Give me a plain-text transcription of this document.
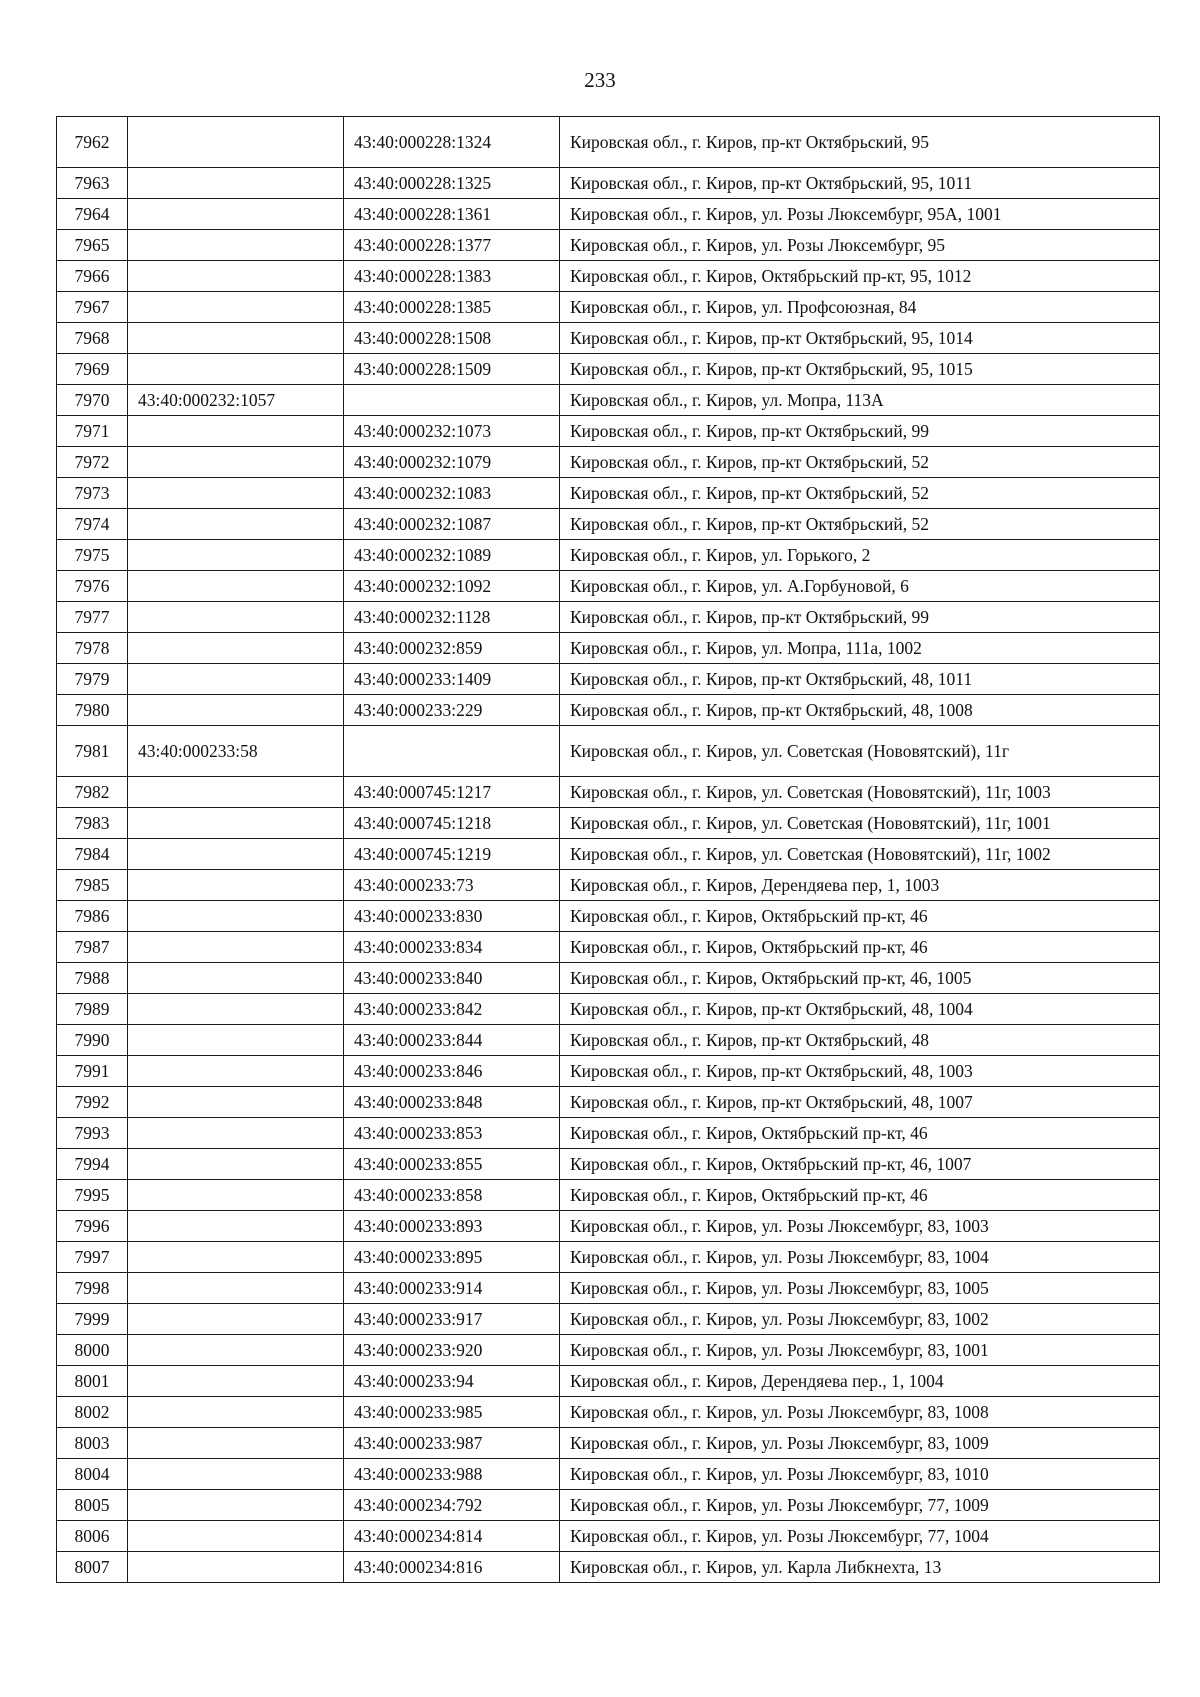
233
7962		43:40:000228:1324	Кировская обл., г. Киров, пр-кт Октябрьский, 95
7963		43:40:000228:1325	Кировская обл., г. Киров, пр-кт Октябрьский, 95, 1011
7964		43:40:000228:1361	Кировская обл., г. Киров, ул. Розы Люксембург, 95А, 1001
7965		43:40:000228:1377	Кировская обл., г. Киров, ул. Розы Люксембург, 95
7966		43:40:000228:1383	Кировская обл., г. Киров, Октябрьский пр-кт, 95, 1012
7967		43:40:000228:1385	Кировская обл., г. Киров, ул. Профсоюзная, 84
7968		43:40:000228:1508	Кировская обл., г. Киров, пр-кт Октябрьский, 95, 1014
7969		43:40:000228:1509	Кировская обл., г. Киров, пр-кт Октябрьский, 95, 1015
7970	43:40:000232:1057		Кировская обл., г. Киров, ул. Мопра, 113А
7971		43:40:000232:1073	Кировская обл., г. Киров, пр-кт Октябрьский, 99
7972		43:40:000232:1079	Кировская обл., г. Киров, пр-кт Октябрьский, 52
7973		43:40:000232:1083	Кировская обл., г. Киров, пр-кт Октябрьский, 52
7974		43:40:000232:1087	Кировская обл., г. Киров, пр-кт Октябрьский, 52
7975		43:40:000232:1089	Кировская обл., г. Киров, ул. Горького, 2
7976		43:40:000232:1092	Кировская обл., г. Киров, ул. А.Горбуновой, 6
7977		43:40:000232:1128	Кировская обл., г. Киров, пр-кт Октябрьский, 99
7978		43:40:000232:859	Кировская обл., г. Киров, ул. Мопра, 111а, 1002
7979		43:40:000233:1409	Кировская обл., г. Киров, пр-кт Октябрьский, 48, 1011
7980		43:40:000233:229	Кировская обл., г. Киров, пр-кт Октябрьский, 48, 1008
7981	43:40:000233:58		Кировская обл., г. Киров, ул. Советская (Нововятский), 11г
7982		43:40:000745:1217	Кировская обл., г. Киров, ул. Советская (Нововятский), 11г, 1003
7983		43:40:000745:1218	Кировская обл., г. Киров, ул. Советская (Нововятский), 11г, 1001
7984		43:40:000745:1219	Кировская обл., г. Киров, ул. Советская (Нововятский), 11г, 1002
7985		43:40:000233:73	Кировская обл., г. Киров, Дерендяева пер, 1, 1003
7986		43:40:000233:830	Кировская обл., г. Киров, Октябрьский пр-кт, 46
7987		43:40:000233:834	Кировская обл., г. Киров, Октябрьский пр-кт, 46
7988		43:40:000233:840	Кировская обл., г. Киров, Октябрьский пр-кт, 46, 1005
7989		43:40:000233:842	Кировская обл., г. Киров, пр-кт Октябрьский, 48, 1004
7990		43:40:000233:844	Кировская обл., г. Киров, пр-кт Октябрьский, 48
7991		43:40:000233:846	Кировская обл., г. Киров, пр-кт Октябрьский, 48, 1003
7992		43:40:000233:848	Кировская обл., г. Киров, пр-кт Октябрьский, 48, 1007
7993		43:40:000233:853	Кировская обл., г. Киров, Октябрьский пр-кт, 46
7994		43:40:000233:855	Кировская обл., г. Киров, Октябрьский пр-кт, 46, 1007
7995		43:40:000233:858	Кировская обл., г. Киров, Октябрьский пр-кт, 46
7996		43:40:000233:893	Кировская обл., г. Киров, ул. Розы Люксембург, 83, 1003
7997		43:40:000233:895	Кировская обл., г. Киров, ул. Розы Люксембург, 83, 1004
7998		43:40:000233:914	Кировская обл., г. Киров, ул. Розы Люксембург, 83, 1005
7999		43:40:000233:917	Кировская обл., г. Киров, ул. Розы Люксембург, 83, 1002
8000		43:40:000233:920	Кировская обл., г. Киров, ул. Розы Люксембург, 83, 1001
8001		43:40:000233:94	Кировская обл., г. Киров, Дерендяева пер., 1, 1004
8002		43:40:000233:985	Кировская обл., г. Киров, ул. Розы Люксембург, 83, 1008
8003		43:40:000233:987	Кировская обл., г. Киров, ул. Розы Люксембург, 83, 1009
8004		43:40:000233:988	Кировская обл., г. Киров, ул. Розы Люксембург, 83, 1010
8005		43:40:000234:792	Кировская обл., г. Киров, ул. Розы Люксембург, 77, 1009
8006		43:40:000234:814	Кировская обл., г. Киров, ул. Розы Люксембург, 77, 1004
8007		43:40:000234:816	Кировская обл., г. Киров, ул. Карла Либкнехта, 13
